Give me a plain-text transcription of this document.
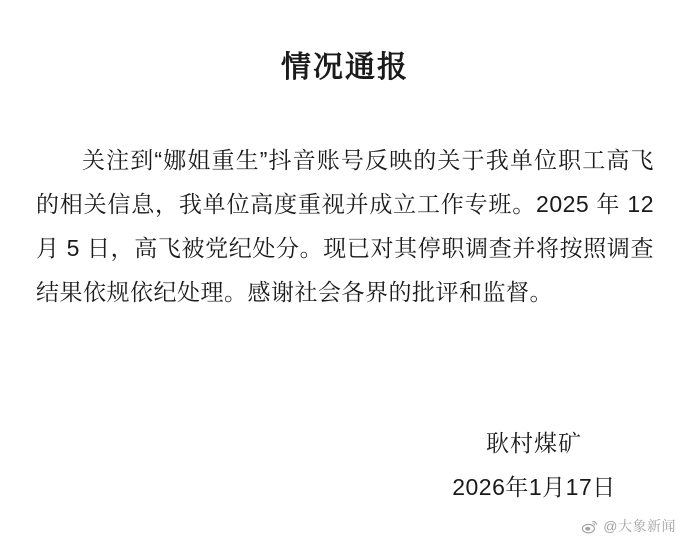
情况通报

关注到“娜姐重生”抖音账号反映的关于我单位职工高飞的相关信息，我单位高度重视并成立工作专班。2025 年 12 月 5 日，高飞被党纪处分。现已对其停职调查并将按照调查结果依规依纪处理。感谢社会各界的批评和监督。

耿村煤矿
2026年1月17日
@大象新闻
